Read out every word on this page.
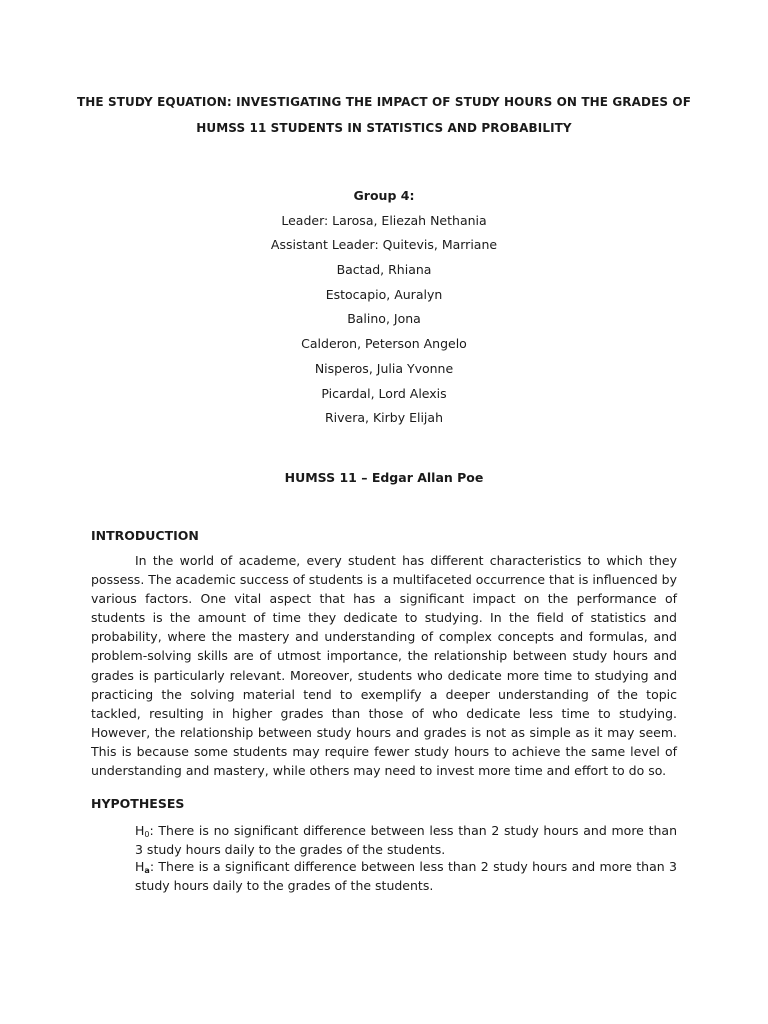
THE STUDY EQUATION: INVESTIGATING THE IMPACT OF STUDY HOURS ON THE GRADES OF
HUMSS 11 STUDENTS IN STATISTICS AND PROBABILITY
Group 4:
Leader: Larosa, Eliezah Nethania
Assistant Leader: Quitevis, Marriane
Bactad, Rhiana
Estocapio, Auralyn
Balino, Jona
Calderon, Peterson Angelo
Nisperos, Julia Yvonne
Picardal, Lord Alexis
Rivera, Kirby Elijah
HUMSS 11 – Edgar Allan Poe
INTRODUCTION
In the world of academe, every student has different characteristics to which they possess. The academic success of students is a multifaceted occurrence that is influenced by various factors. One vital aspect that has a significant impact on the performance of students is the amount of time they dedicate to studying. In the field of statistics and probability, where the mastery and understanding of complex concepts and formulas, and problem-solving skills are of utmost importance, the relationship between study hours and grades is particularly relevant. Moreover, students who dedicate more time to studying and practicing the solving material tend to exemplify a deeper understanding of the topic tackled, resulting in higher grades than those of who dedicate less time to studying. However, the relationship between study hours and grades is not as simple as it may seem. This is because some students may require fewer study hours to achieve the same level of understanding and mastery, while others may need to invest more time and effort to do so.
HYPOTHESES
$H_0$: There is no significant difference between less than 2 study hours and more than 3 study hours daily to the grades of the students.
$H_a$: There is a significant difference between less than 2 study hours and more than 3 study hours daily to the grades of the students.
